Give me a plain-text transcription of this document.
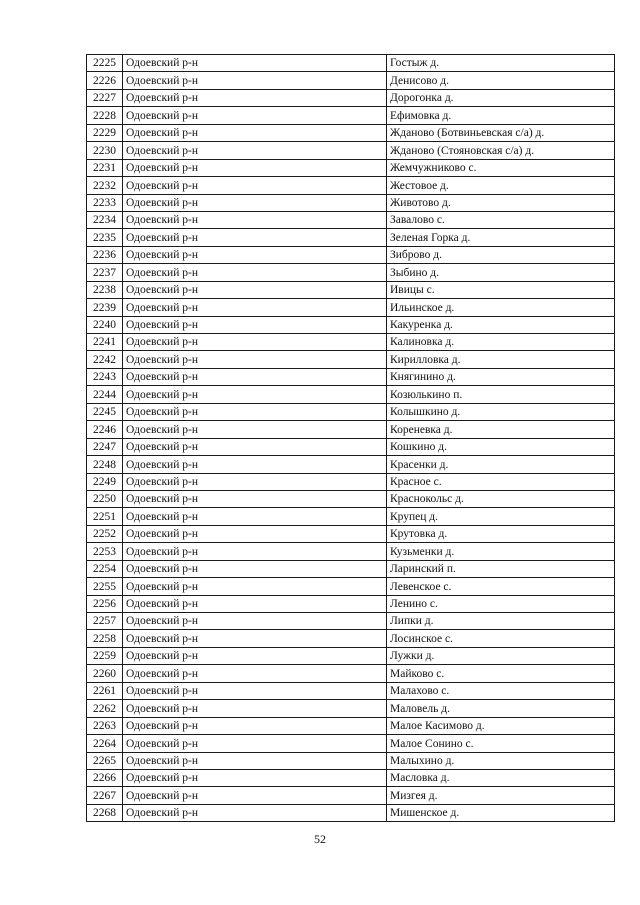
2225	Одоевский р-н	Гостыж д.
2226	Одоевский р-н	Денисово д.
2227	Одоевский р-н	Дорогонка д.
2228	Одоевский р-н	Ефимовка д.
2229	Одоевский р-н	Жданово (Ботвиньевская с/а) д.
2230	Одоевский р-н	Жданово (Стояновская с/а) д.
2231	Одоевский р-н	Жемчужниково с.
2232	Одоевский р-н	Жестовое д.
2233	Одоевский р-н	Животово д.
2234	Одоевский р-н	Завалово с.
2235	Одоевский р-н	Зеленая Горка д.
2236	Одоевский р-н	Зиброво д.
2237	Одоевский р-н	Зыбино д.
2238	Одоевский р-н	Ивицы с.
2239	Одоевский р-н	Ильинское д.
2240	Одоевский р-н	Какуренка д.
2241	Одоевский р-н	Калиновка д.
2242	Одоевский р-н	Кирилловка д.
2243	Одоевский р-н	Княгинино д.
2244	Одоевский р-н	Козюлькино п.
2245	Одоевский р-н	Колышкино д.
2246	Одоевский р-н	Кореневка д.
2247	Одоевский р-н	Кошкино д.
2248	Одоевский р-н	Красенки д.
2249	Одоевский р-н	Красное с.
2250	Одоевский р-н	Краснокольс д.
2251	Одоевский р-н	Крупец д.
2252	Одоевский р-н	Крутовка д.
2253	Одоевский р-н	Кузьменки д.
2254	Одоевский р-н	Ларинский п.
2255	Одоевский р-н	Левенское с.
2256	Одоевский р-н	Ленино с.
2257	Одоевский р-н	Липки д.
2258	Одоевский р-н	Лосинское с.
2259	Одоевский р-н	Лужки д.
2260	Одоевский р-н	Майково с.
2261	Одоевский р-н	Малахово с.
2262	Одоевский р-н	Маловель д.
2263	Одоевский р-н	Малое Касимово д.
2264	Одоевский р-н	Малое Сонино с.
2265	Одоевский р-н	Малыхино д.
2266	Одоевский р-н	Масловка д.
2267	Одоевский р-н	Мизгея д.
2268	Одоевский р-н	Мишенское д.
52
